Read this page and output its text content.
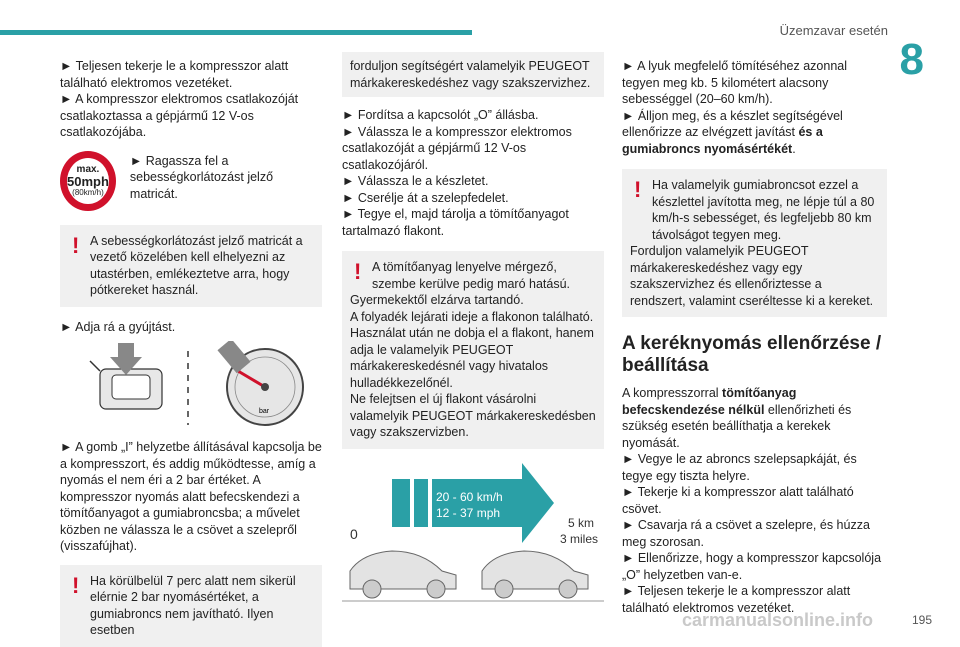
Üzemzavar esetén
8
195
carmanualsonline.info

► Teljesen tekerje le a kompresszor alatt található elektromos vezetéket.

► A kompresszor elektromos csatlakozóját csatlakoztassa a gépjármű 12 V-os csatlakozójába.

max.
50mph
(80km/h)
► Ragassza fel a sebességkorlátozást jelző matricát.
! A sebességkorlátozást jelző matricát a vezető közelében kell elhelyezni az utastérben, emlékeztetve arra, hogy pótkereket használ.

► Adja rá a gyújtást.

bar

► A gomb „I” helyzetbe állításával kapcsolja be a kompresszort, és addig működtesse, amíg a nyomás el nem éri a 2 bar értéket. A kompresszor nyomás alatt befecskendezi a tömítőanyagot a gumiabroncsba; a művelet közben ne válassza le a csövet a szelepről (visszafújhat).

! Ha körülbelül 7 perc alatt nem sikerül elérnie 2 bar nyomásértéket, a gumiabroncs nem javítható. Ilyen esetben
forduljon segítségért valamelyik PEUGEOT márkakereskedéshez vagy szakszervizhez.

► Fordítsa a kapcsolót „O” állásba.

► Válassza le a kompresszor elektromos csatlakozóját a gépjármű 12 V-os csatlakozójáról.

► Válassza le a készletet.

► Cserélje át a szelepfedelet.

► Tegye el, majd tárolja a tömítőanyagot tartalmazó flakont.

! A tömítőanyag lenyelve mérgező, szembe kerülve pedig maró hatású.
Gyermekektől elzárva tartandó.
A folyadék lejárati ideje a flakonon található.
Használat után ne dobja el a flakont, hanem adja le valamelyik PEUGEOT márkakereskedésnél vagy hivatalos hulladékkezelőnél.
Ne felejtsen el új flakont vásárolni valamelyik PEUGEOT márkakereskedésben vagy szakszervizben.
20 - 60 km/h
12 - 37 mph
0
5 km
3 miles

► A lyuk megfelelő tömítéséhez azonnal tegyen meg kb. 5 kilométert alacsony sebességgel (20–60 km/h).

► Álljon meg, és a készlet segítségével ellenőrizze az elvégzett javítást és a gumiabroncs nyomásértékét.

! Ha valamelyik gumiabroncsot ezzel a készlettel javította meg, ne lépje túl a 80 km/h-s sebességet, és legfeljebb 80 km távolságot tegyen meg.
Forduljon valamelyik PEUGEOT márkakereskedéshez vagy egy szakszervizhez és ellenőriztesse a rendszert, valamint cseréltesse ki a kereket.
A keréknyomás ellenőrzése / beállítása

A kompresszorral tömítőanyag befecskendezése nélkül ellenőrizheti és szükség esetén beállíthatja a kerekek nyomását.

► Vegye le az abroncs szelepsapkáját, és tegye egy tiszta helyre.

► Tekerje ki a kompresszor alatt található csövet.

► Csavarja rá a csövet a szelepre, és húzza meg szorosan.

► Ellenőrizze, hogy a kompresszor kapcsolója „O” helyzetben van-e.

► Teljesen tekerje le a kompresszor alatt található elektromos vezetéket.
